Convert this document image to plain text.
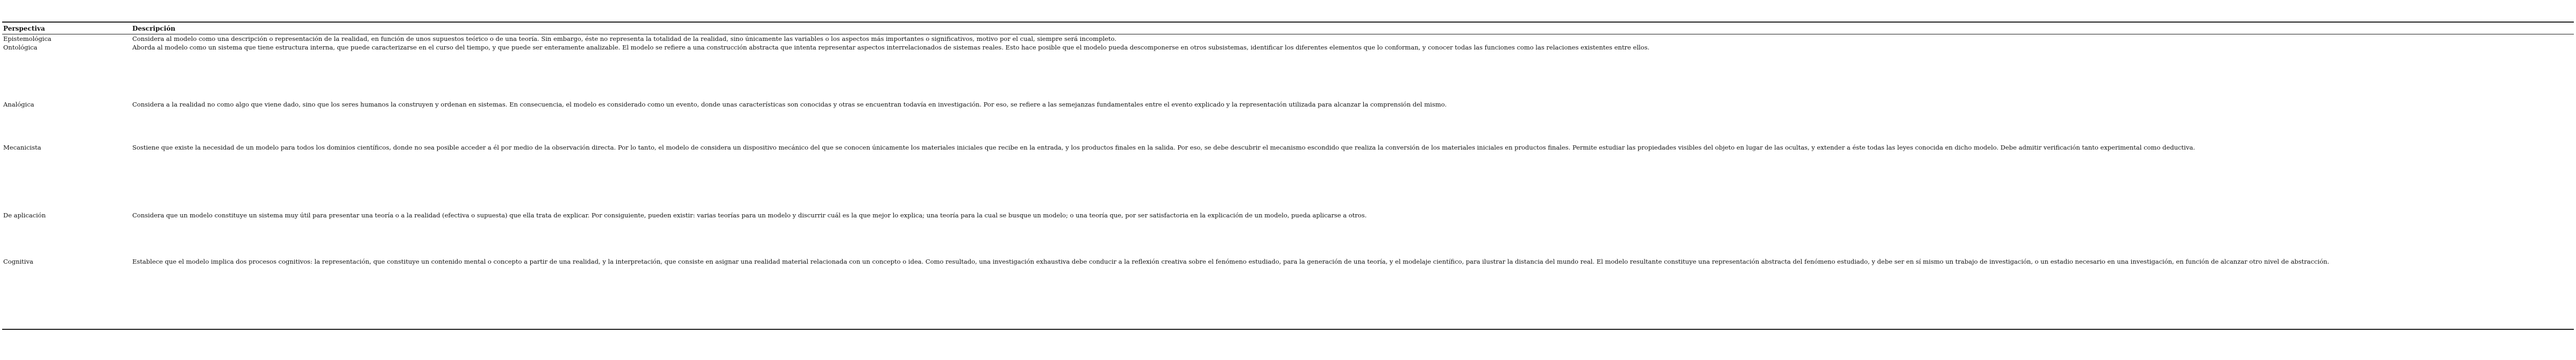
Perspectiva	Descripción
Epistemológica	Considera al modelo como una descripción o representación de la realidad, en función de unos supuestos teórico o de una teoría. Sin embargo, éste no representa la totalidad de la realidad, sino únicamente las variables o los aspectos más importantes o significativos, motivo por el cual, siempre será incompleto.
Ontológica	Aborda al modelo como un sistema que tiene estructura interna, que puede caracterizarse en el curso del tiempo, y que puede ser enteramente analizable. El modelo se refiere a una construcción abstracta que intenta representar aspectos interrelacionados de sistemas reales. Esto hace posible que el modelo pueda descomponerse en otros subsistemas, identificar los diferentes elementos que lo conforman, y conocer todas las funciones como las relaciones existentes entre ellos.
Analógica	Considera a la realidad no como algo que viene dado, sino que los seres humanos la construyen y ordenan en sistemas. En consecuencia, el modelo es considerado como un evento, donde unas características son conocidas y otras se encuentran todavía en investigación. Por eso, se refiere a las semejanzas fundamentales entre el evento explicado y la representación utilizada para alcanzar la comprensión del mismo.
Mecanicista	Sostiene que existe la necesidad de un modelo para todos los dominios científicos, donde no sea posible acceder a él por medio de la observación directa. Por lo tanto, el modelo de considera un dispositivo mecánico del que se conocen únicamente los materiales iniciales que recibe en la entrada, y los productos finales en la salida. Por eso, se debe descubrir el mecanismo escondido que realiza la conversión de los materiales iniciales en productos finales. Permite estudiar las propiedades visibles del objeto en lugar de las ocultas, y extender a éste todas las leyes conocida en dicho modelo. Debe admitir verificación tanto experimental como deductiva.
De aplicación	Considera que un modelo constituye un sistema muy útil para presentar una teoría o a la realidad (efectiva o supuesta) que ella trata de explicar. Por consiguiente, pueden existir: varias teorías para un modelo y discurrir cuál es la que mejor lo explica; una teoría para la cual se busque un modelo; o una teoría que, por ser satisfactoria en la explicación de un modelo, pueda aplicarse a otros.
Cognitiva	Establece que el modelo implica dos procesos cognitivos: la representación, que constituye un contenido mental o concepto a partir de una realidad, y la interpretación, que consiste en asignar una realidad material relacionada con un concepto o idea. Como resultado, una investigación exhaustiva debe conducir a la reflexión creativa sobre el fenómeno estudiado, para la generación de una teoría, y el modelaje científico, para ilustrar la distancia del mundo real. El modelo resultante constituye una representación abstracta del fenómeno estudiado, y debe ser en sí mismo un trabajo de investigación, o un estadio necesario en una investigación, en función de alcanzar otro nivel de abstracción.
